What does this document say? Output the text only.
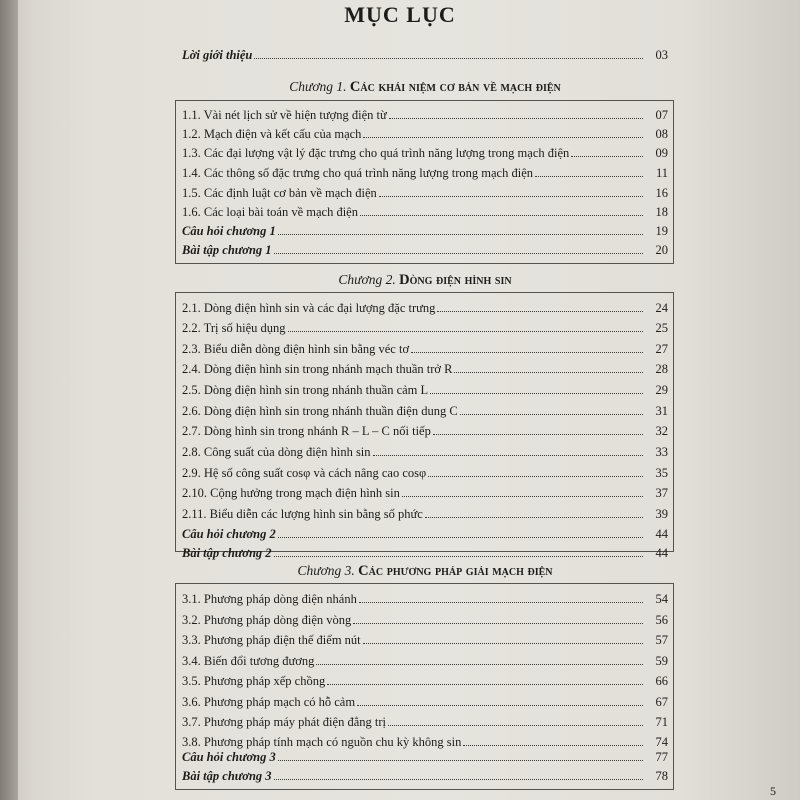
MỤC LỤC
Lời giới thiệu	03
Chương 1. Các khái niệm cơ bản về mạch điện
1.1. Vài nét lịch sử về hiện tượng điện từ	07
1.2. Mạch điện và kết cấu của mạch	08
1.3. Các đại lượng vật lý đặc trưng cho quá trình năng lượng trong mạch điện	09
1.4. Các thông số đặc trưng cho quá trình năng lượng trong mạch điện	11
1.5. Các định luật cơ bản về mạch điện	16
1.6. Các loại bài toán về mạch điện	18
Câu hỏi chương 1	19
Bài tập chương 1	20
Chương 2. Dòng điện hình sin
2.1. Dòng điện hình sin và các đại lượng đặc trưng	24
2.2. Trị số hiệu dụng	25
2.3. Biểu diễn dòng điện hình sin bằng véc tơ	27
2.4. Dòng điện hình sin trong nhánh mạch thuần trở R	28
2.5. Dòng điện hình sin trong nhánh thuần cảm L	29
2.6. Dòng điện hình sin trong nhánh thuần điện dung C	31
2.7. Dòng hình sin trong nhánh R – L – C nối tiếp	32
2.8. Công suất của dòng điện hình sin	33
2.9. Hệ số công suất cosφ và cách nâng cao cosφ	35
2.10. Cộng hưởng trong mạch điện hình sin	37
2.11. Biểu diễn các lượng hình sin bằng số phức	39
Câu hỏi chương 2	44
Bài tập chương 2	44
Chương 3. Các phương pháp giải mạch điện
3.1. Phương pháp dòng điện nhánh	54
3.2. Phương pháp dòng điện vòng	56
3.3. Phương pháp điện thế điểm nút	57
3.4. Biến đổi tương đương	59
3.5. Phương pháp xếp chồng	66
3.6. Phương pháp mạch có hỗ cảm	67
3.7. Phương pháp máy phát điện đẳng trị	71
3.8. Phương pháp tính mạch có nguồn chu kỳ không sin	74
Câu hỏi chương 3	77
Bài tập chương 3	78
5
